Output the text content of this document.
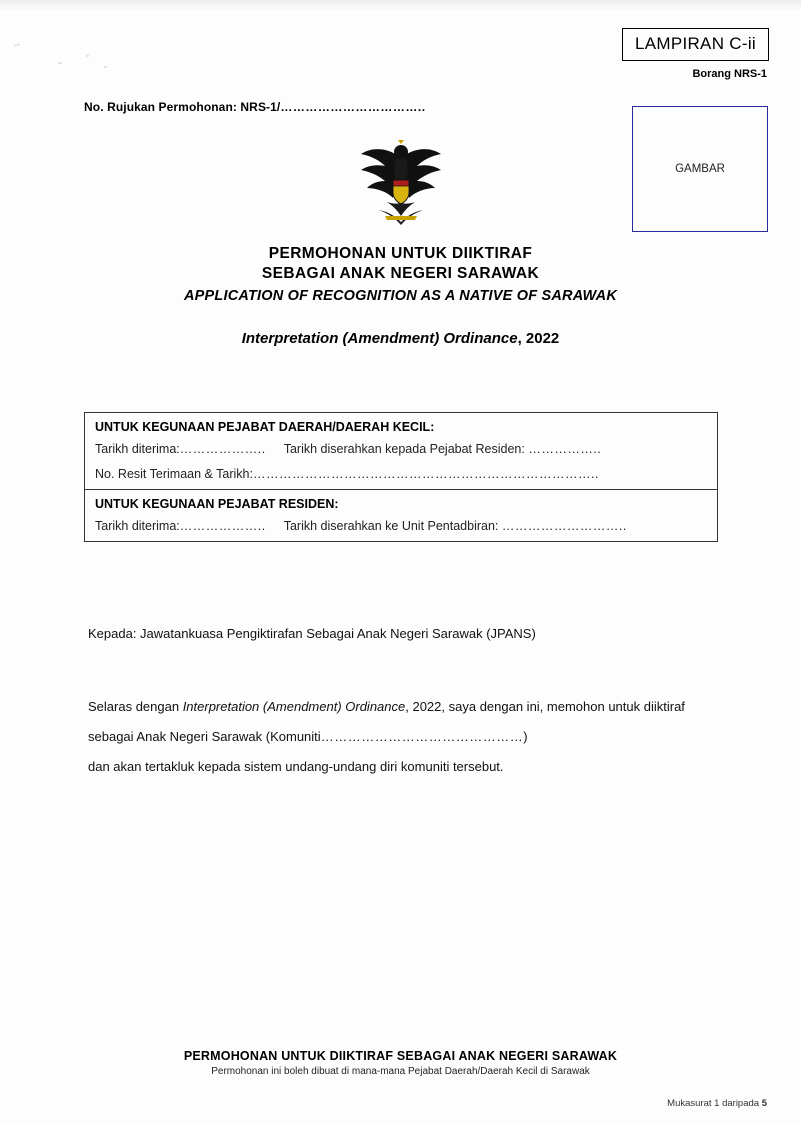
LAMPIRAN C-ii
Borang NRS-1
No. Rujukan Permohonan: NRS-1/……………………………..
GAMBAR
PERMOHONAN UNTUK DIIKTIRAF
SEBAGAI ANAK NEGERI SARAWAK
APPLICATION OF RECOGNITION AS A NATIVE OF SARAWAK
Interpretation (Amendment) Ordinance, 2022
UNTUK KEGUNAAN PEJABAT DAERAH/DAERAH KECIL:
Tarikh diterima:……………….. Tarikh diserahkan kepada Pejabat Residen: ……………..
No. Resit Terimaan & Tarikh:……………………………………………………………………..
UNTUK KEGUNAAN PEJABAT RESIDEN:
Tarikh diterima:……………….. Tarikh diserahkan ke Unit Pentadbiran: ………………………..
Kepada: Jawatankuasa Pengiktirafan Sebagai Anak Negeri Sarawak (JPANS)
Selaras dengan Interpretation (Amendment) Ordinance, 2022, saya dengan ini, memohon untuk diiktiraf sebagai Anak Negeri Sarawak (Komuniti………………………………………)
dan akan tertakluk kepada sistem undang-undang diri komuniti tersebut.
PERMOHONAN UNTUK DIIKTIRAF SEBAGAI ANAK NEGERI SARAWAK
Permohonan ini boleh dibuat di mana-mana Pejabat Daerah/Daerah Kecil di Sarawak
Mukasurat 1 daripada 5
